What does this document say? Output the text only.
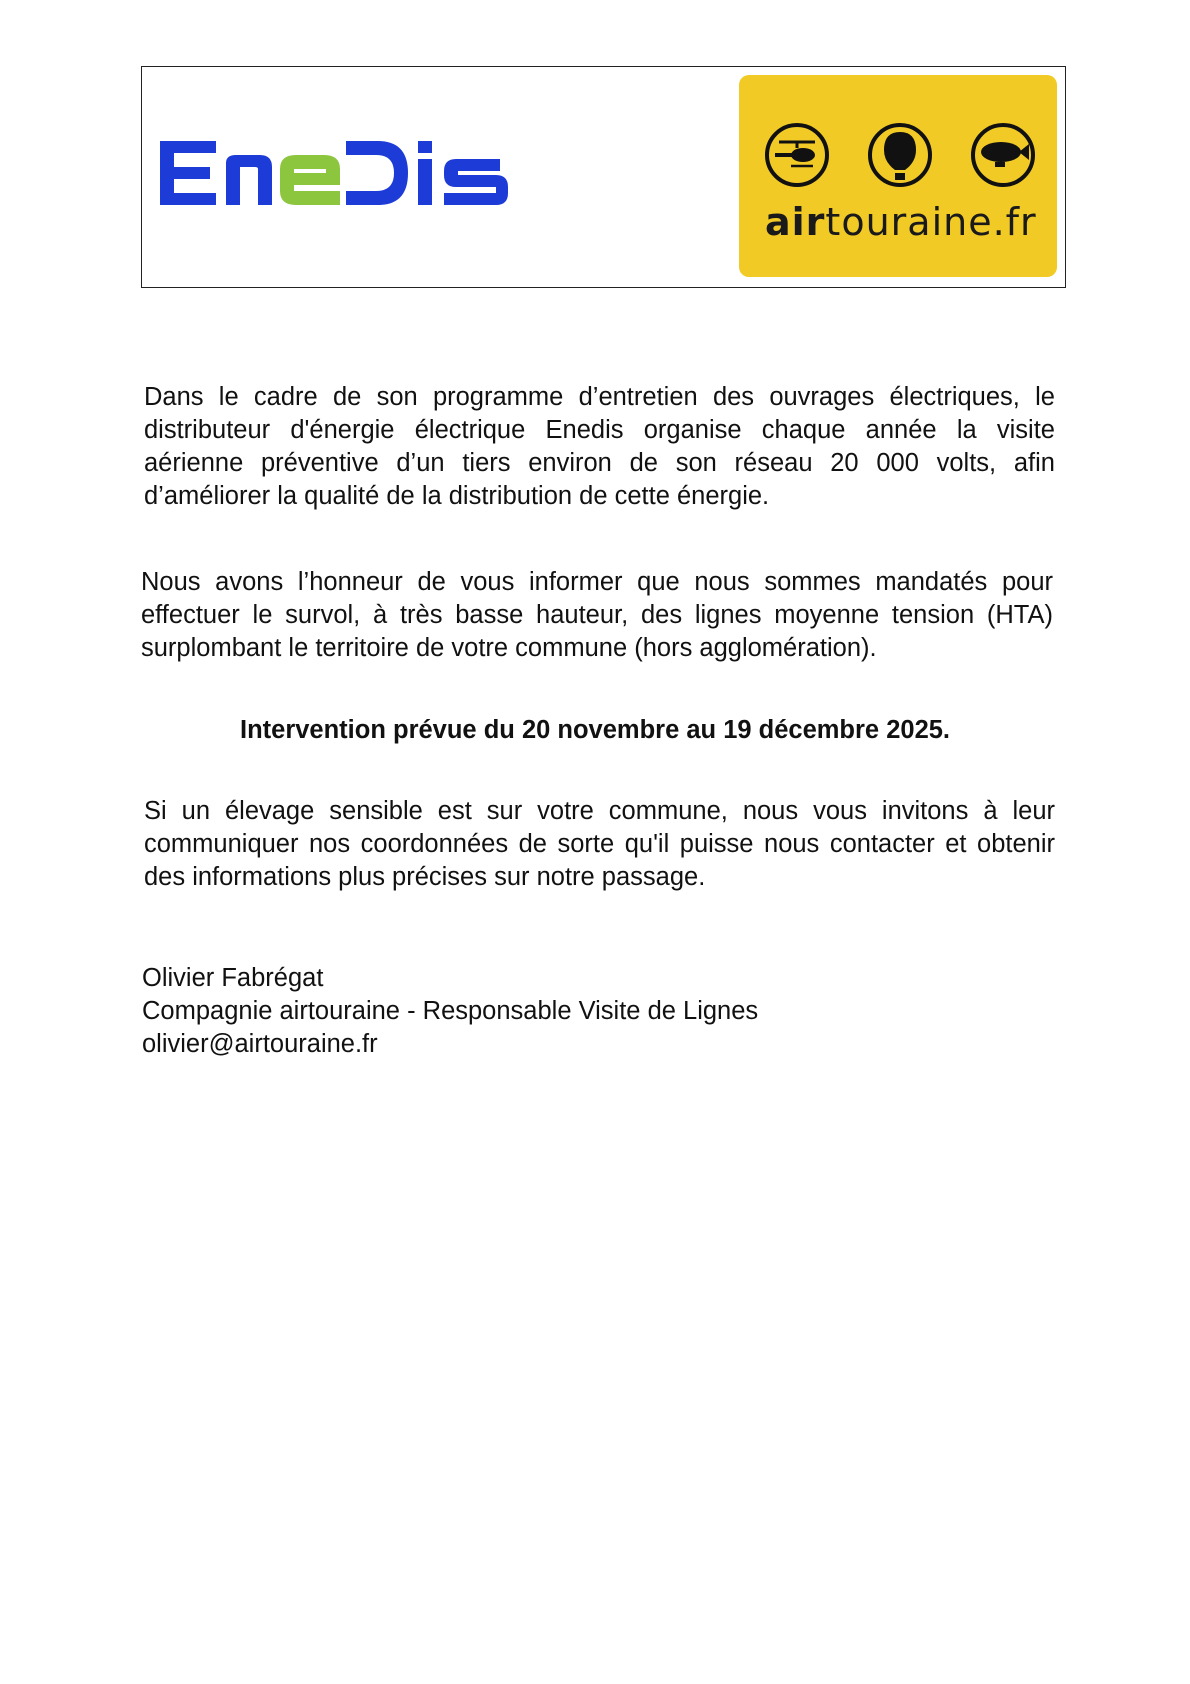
airtouraine.fr

Dans le cadre de son programme d’entretien des ouvrages électriques, le distributeur d'énergie électrique Enedis organise chaque année la visite aérienne préventive d’un tiers environ de son réseau 20 000 volts, afin d’améliorer la qualité de la distribution de cette énergie.

Nous avons l’honneur de vous informer que nous sommes mandatés pour effectuer le survol, à très basse hauteur, des lignes moyenne tension (HTA) surplombant le territoire de votre commune (hors agglomération).

Intervention prévue du 20 novembre au 19 décembre 2025.

Si un élevage sensible est sur votre commune, nous vous invitons à leur communiquer nos coordonnées de sorte qu'il puisse nous contacter et obtenir des informations plus précises sur notre passage.

Olivier Fabrégat
Compagnie airtouraine - Responsable Visite de Lignes
olivier@airtouraine.fr
